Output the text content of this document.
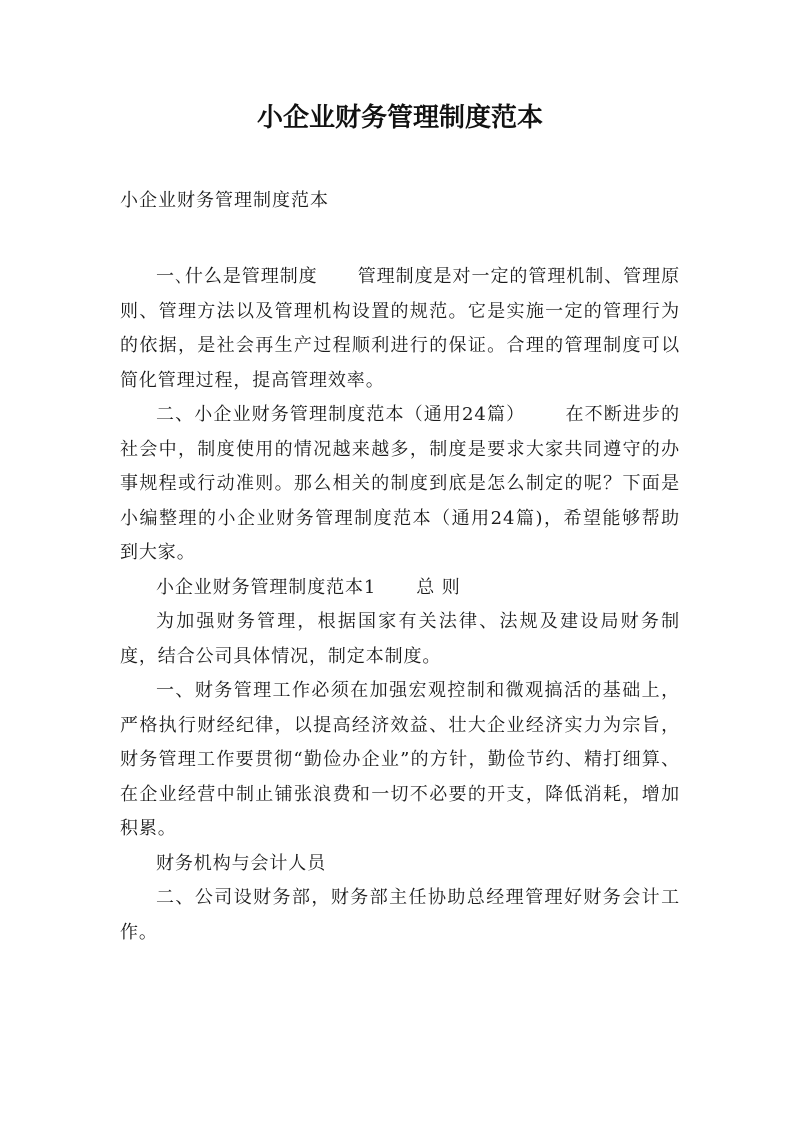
小企业财务管理制度范本

小企业财务管理制度范本

一､什么是管理制度 管理制度是对一定的管理机制、管理原则、管理方法以及管理机构设置的规范。它是实施一定的管理行为的依据，是社会再生产过程顺利进行的保证。合理的管理制度可以简化管理过程，提高管理效率。

二、小企业财务管理制度范本（通用24篇） 在不断进步的社会中，制度使用的情况越来越多，制度是要求大家共同遵守的办事规程或行动准则。那么相关的制度到底是怎么制定的呢？下面是小编整理的小企业财务管理制度范本（通用24篇)，希望能够帮助到大家。

小企业财务管理制度范本1 总 则

为加强财务管理，根据国家有关法律、法规及建设局财务制度，结合公司具体情况，制定本制度。

一、财务管理工作必须在加强宏观控制和微观搞活的基础上，严格执行财经纪律，以提高经济效益、壮大企业经济实力为宗旨，财务管理工作要贯彻“勤俭办企业”的方针，勤俭节约、精打细算、在企业经营中制止铺张浪费和一切不必要的开支，降低消耗，增加积累。

财务机构与会计人员

二、公司设财务部，财务部主任协助总经理管理好财务会计工作。
